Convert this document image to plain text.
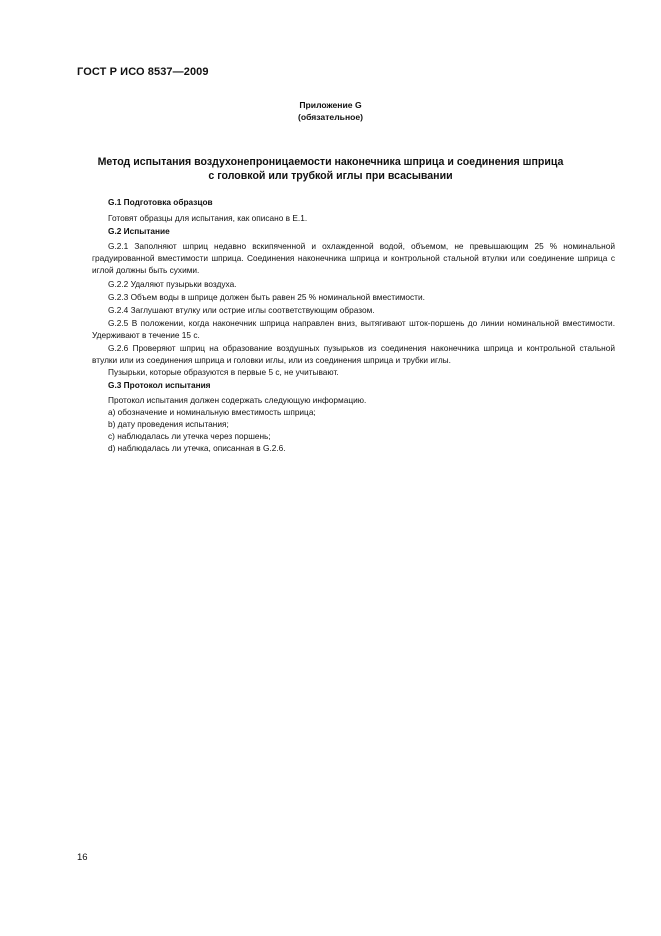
ГОСТ Р ИСО 8537—2009
Приложение G
(обязательное)
Метод испытания воздухонепроницаемости наконечника шприца и соединения шприца
с головкой или трубкой иглы при всасывании
G.1 Подготовка образцов
Готовят образцы для испытания, как описано в Е.1.
G.2 Испытание
G.2.1 Заполняют шприц недавно вскипяченной и охлажденной водой, объемом, не превышающим 25 % номинальной градуированной вместимости шприца. Соединения наконечника шприца и контрольной стальной втулки или соединение шприца с иглой должны быть сухими.
G.2.2 Удаляют пузырьки воздуха.
G.2.3 Объем воды в шприце должен быть равен 25 % номинальной вместимости.
G.2.4 Заглушают втулку или острие иглы соответствующим образом.
G.2.5 В положении, когда наконечник шприца направлен вниз, вытягивают шток-поршень до линии номинальной вместимости. Удерживают в течение 15 с.
G.2.6 Проверяют шприц на образование воздушных пузырьков из соединения наконечника шприца и контрольной стальной втулки или из соединения шприца и головки иглы, или из соединения шприца и трубки иглы.
Пузырьки, которые образуются в первые 5 с, не учитывают.
G.3 Протокол испытания
Протокол испытания должен содержать следующую информацию.
a) обозначение и номинальную вместимость шприца;
b) дату проведения испытания;
c) наблюдалась ли утечка через поршень;
d) наблюдалась ли утечка, описанная в G.2.6.
16
